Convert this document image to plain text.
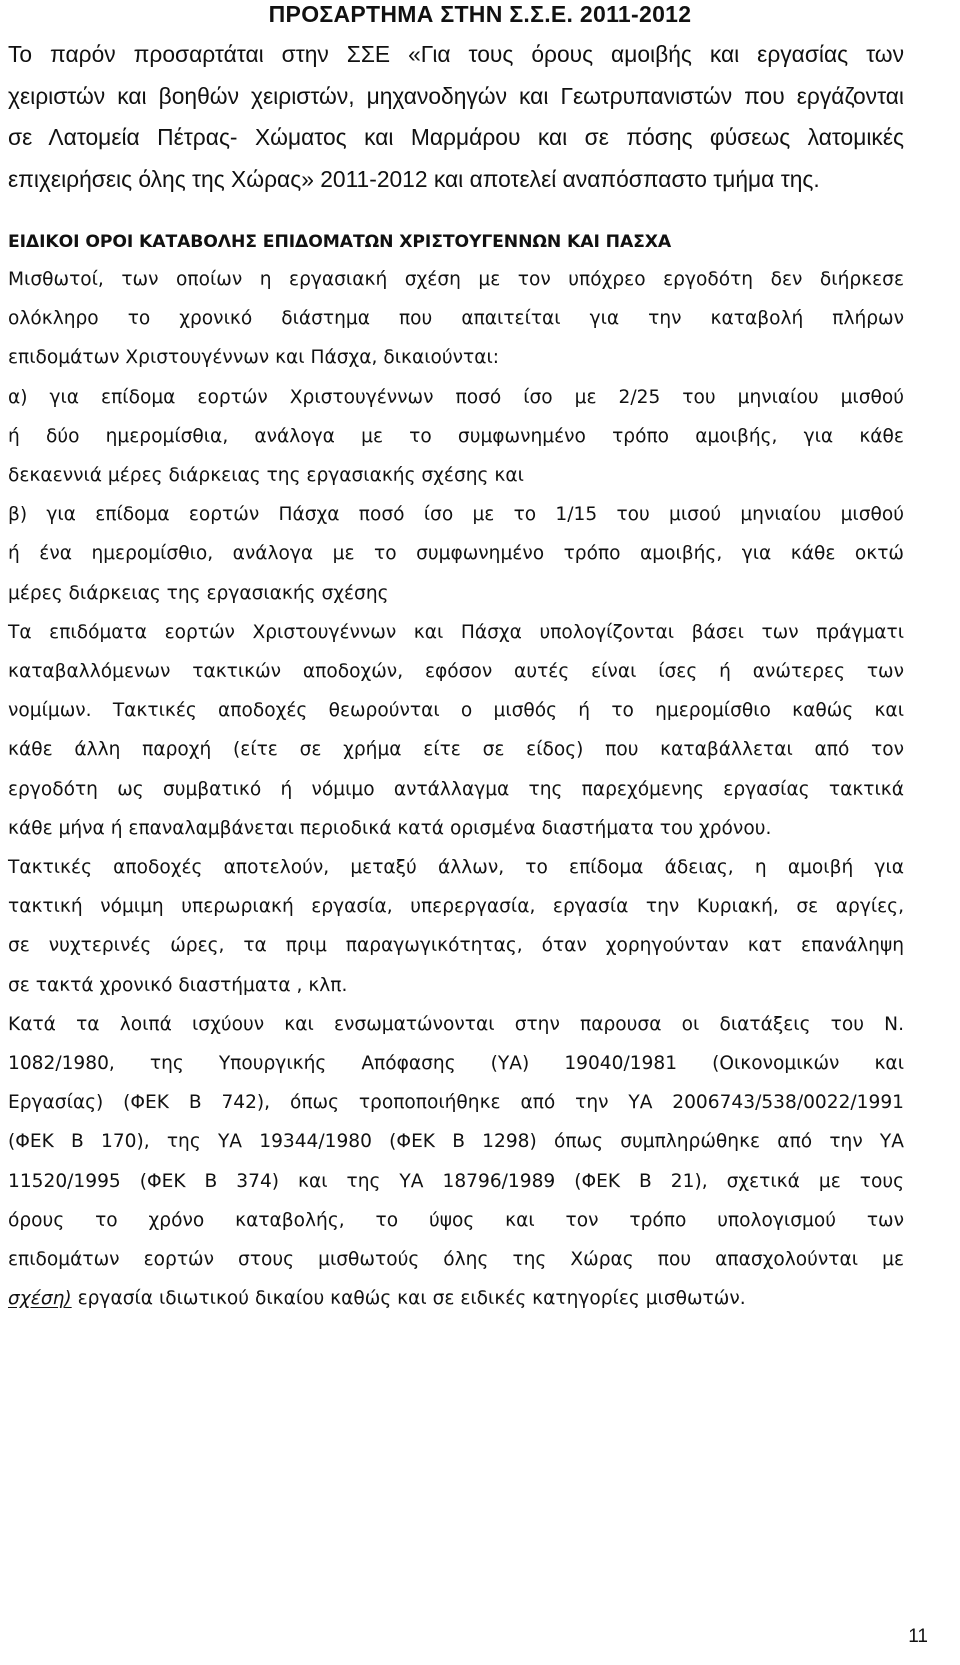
ΠΡΟΣΑΡΤΗΜΑ ΣΤΗΝ Σ.Σ.Ε. 2011-2012
Το παρόν προσαρτάται στην ΣΣΕ «Για τους όρους αμοιβής και εργασίας των
χειριστών και βοηθών χειριστών, μηχανοδηγών και Γεωτρυπανιστών που εργάζονται
σε Λατομεία Πέτρας- Χώματος και Μαρμάρου και σε πόσης φύσεως λατομικές
επιχειρήσεις όλης της Χώρας» 2011-2012 και αποτελεί αναπόσπαστο τμήμα της.
ΕΙΔΙΚΟΙ ΟΡΟΙ ΚΑΤΑΒΟΛΗΣ ΕΠΙΔΟΜΑΤΩΝ ΧΡΙΣΤΟΥΓΕΝΝΩΝ ΚΑΙ ΠΑΣΧΑ
Μισθωτοί, των οποίων η εργασιακή σχέση με τον υπόχρεο εργοδότη δεν διήρκεσε
ολόκληρο το χρονικό διάστημα που απαιτείται για την καταβολή πλήρων
επιδομάτων Χριστουγέννων και Πάσχα, δικαιούνται:
α) για επίδομα εορτών Χριστουγέννων ποσό ίσο με 2/25 του μηνιαίου μισθού
ή δύο ημερομίσθια, ανάλογα με το συμφωνημένο τρόπο αμοιβής, για κάθε
δεκαεννιά μέρες διάρκειας της εργασιακής σχέσης και
β) για επίδομα εορτών Πάσχα ποσό ίσο με το 1/15 του μισού μηνιαίου μισθού
ή ένα ημερομίσθιο, ανάλογα με το συμφωνημένο τρόπο αμοιβής, για κάθε οκτώ
μέρες διάρκειας της εργασιακής σχέσης
Τα επιδόματα εορτών Χριστουγέννων και Πάσχα υπολογίζονται βάσει των πράγματι
καταβαλλόμενων τακτικών αποδοχών, εφόσον αυτές είναι ίσες ή ανώτερες των
νομίμων. Τακτικές αποδοχές θεωρούνται ο μισθός ή το ημερομίσθιο καθώς και
κάθε άλλη παροχή (είτε σε χρήμα είτε σε είδος) που καταβάλλεται από τον
εργοδότη ως συμβατικό ή νόμιμο αντάλλαγμα της παρεχόμενης εργασίας τακτικά
κάθε μήνα ή επαναλαμβάνεται περιοδικά κατά ορισμένα διαστήματα του χρόνου.
Τακτικές αποδοχές αποτελούν, μεταξύ άλλων, το επίδομα άδειας, η αμοιβή για
τακτική νόμιμη υπερωριακή εργασία, υπερεργασία, εργασία την Κυριακή, σε αργίες,
σε νυχτερινές ώρες, τα πριμ παραγωγικότητας, όταν χορηγούνταν κατ επανάληψη
σε τακτά χρονικό διαστήματα , κλπ.
Κατά τα λοιπά ισχύουν και ενσωματώνονται στην παρουσα οι διατάξεις του Ν.
1082/1980, της Υπουργικής Απόφασης (ΥΑ) 19040/1981 (Οικονομικών και
Εργασίας) (ΦΕΚ Β 742), όπως τροποποιήθηκε από την ΥΑ 2006743/538/0022/1991
(ΦΕΚ Β 170), της ΥΑ 19344/1980 (ΦΕΚ Β 1298) όπως συμπληρώθηκε από την ΥΑ
11520/1995 (ΦΕΚ Β 374) και της ΥΑ 18796/1989 (ΦΕΚ Β 21), σχετικά με τους
όρους το χρόνο καταβολής, το ύψος και τον τρόπο υπολογισμού των
επιδομάτων εορτών στους μισθωτούς όλης της Χώρας που απασχολούνται με
σχέση) εργασία ιδιωτικού δικαίου καθώς και σε ειδικές κατηγορίες μισθωτών.
11
